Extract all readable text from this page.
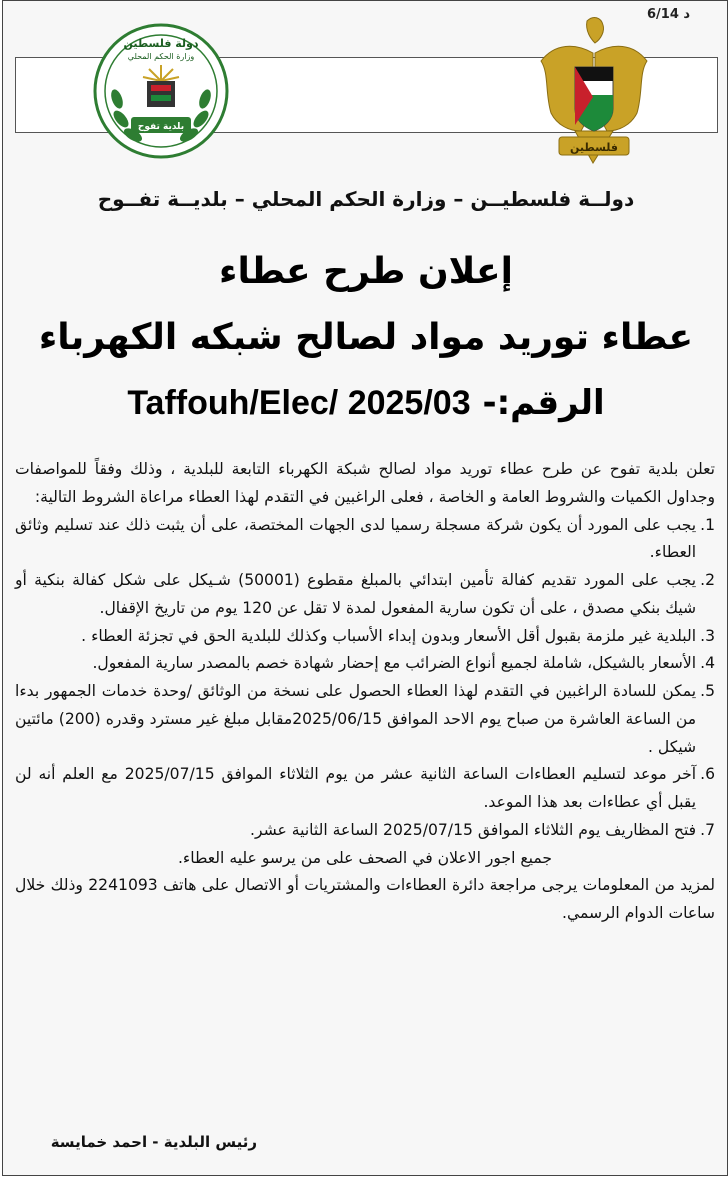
6/14 د
فلسطين
دولة فلسطين
وزارة الحكم المحلي
بلدية تفوح
دولــة فلسطيــن – وزارة الحكم المحلي – بلديــة تفــوح
إعلان طرح عطاء
عطاء توريد مواد لصالح شبكه الكهرباء
الرقم:- Taffouh/Elec/ 2025/03

تعلن بلدية تفوح عن طرح عطاء توريد مواد لصالح شبكة الكهرباء التابعة للبلدية ، وذلك وفقاً للمواصفات وجداول الكميات والشروط العامة و الخاصة ، فعلى الراغبين في التقدم لهذا العطاء مراعاة الشروط التالية:

1.
يجب على المورد أن يكون شركة مسجلة رسميا لدى الجهات المختصة، على أن يثبت ذلك عند تسليم وثائق العطاء.
2.
يجب على المورد تقديم كفالة تأمين ابتدائي بالمبلغ مقطوع (50001) شـيكل على شكل كفالة بنكية أو شيك بنكي مصدق ، على أن تكون سارية المفعول لمدة لا تقل عن 120 يوم من تاريخ الإقفال.
3.
البلدية غير ملزمة بقبول أقل الأسعار وبدون إبداء الأسباب وكذلك للبلدية الحق في تجزئة العطاء .
4.
الأسعار بالشيكل، شاملة لجميع أنواع الضرائب مع إحضار شهادة خصم بالمصدر سارية المفعول.
5.
يمكن للسادة الراغبين في التقدم لهذا العطاء الحصول على نسخة من الوثائق /وحدة خدمات الجمهور بدءا من الساعة العاشرة من صباح يوم الاحد الموافق 2025/06/15مقابل مبلغ غير مسترد وقدره (200) مائتين شيكل .
6.
آخر موعد لتسليم العطاءات الساعة الثانية عشر من يوم الثلاثاء الموافق 2025/07/15 مع العلم أنه لن يقبل أي عطاءات بعد هذا الموعد.
7.
فتح المظاريف يوم الثلاثاء الموافق 2025/07/15 الساعة الثانية عشر.

جميع اجور الاعلان في الصحف على من يرسو عليه العطاء.

لمزيد من المعلومات يرجى مراجعة دائرة العطاءات والمشتريات أو الاتصال على هاتف 2241093 وذلك خلال ساعات الدوام الرسمي.

رئيس البلدية - احمد خمايسة
